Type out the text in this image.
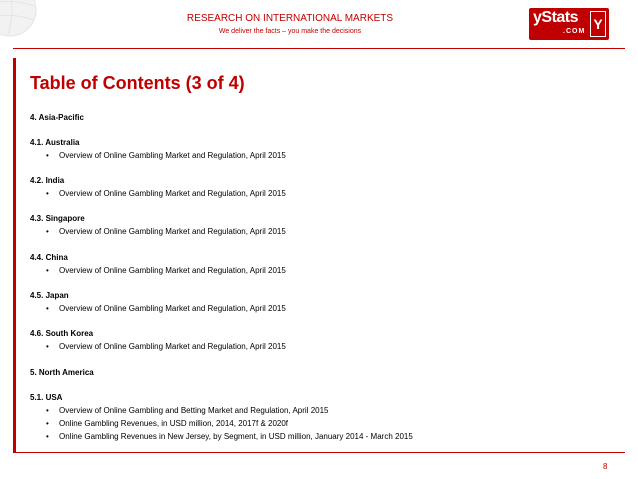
RESEARCH ON INTERNATIONAL MARKETS
We deliver the facts – you make the decisions
yStats
.COM Y
Table of Contents (3 of 4)
4. Asia-Pacific
4.1. Australia
• Overview of Online Gambling Market and Regulation, April 2015
4.2. India
• Overview of Online Gambling Market and Regulation, April 2015
4.3. Singapore
• Overview of Online Gambling Market and Regulation, April 2015
4.4. China
• Overview of Online Gambling Market and Regulation, April 2015
4.5. Japan
• Overview of Online Gambling Market and Regulation, April 2015
4.6. South Korea
• Overview of Online Gambling Market and Regulation, April 2015
5. North America
5.1. USA
• Overview of Online Gambling and Betting Market and Regulation, April 2015
• Online Gambling Revenues, in USD million, 2014, 2017f & 2020f
• Online Gambling Revenues in New Jersey, by Segment, in USD million, January 2014 - March 2015
8
